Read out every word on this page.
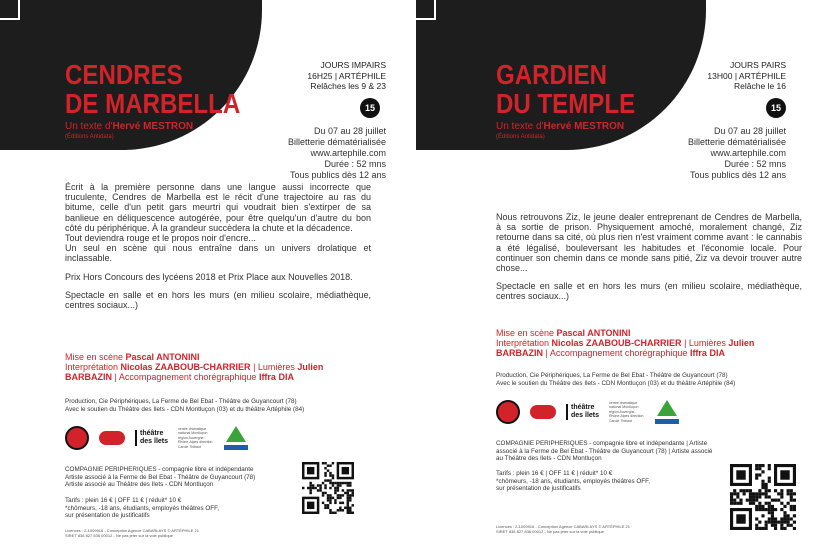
CENDRES
DE MARBELLA
Un texte d'Hervé MESTRON
(Éditions Antidata)
JOURS IMPAIRS
16H25 | ARTÉPHILE
Relâches les 9 & 23
15
Du 07 au 28 juillet
Billetterie dématérialisée
www.artephile.com
Durée : 52 mns
Tous publics dès 12 ans

Écrit à la première personne dans une langue aussi incorrecte que truculente, Cendres de Marbella est le récit d'une trajectoire au ras du bitume, celle d'un petit gars meurtri qui voudrait bien s'extirper de sa banlieue en déliquescence autogérée, pour être quelqu'un d'autre du bon côté du périphérique. À la grandeur succèdera la chute et la décadence.

Tout deviendra rouge et le propos noir d'encre...

Un seul en scène qui nous entraîne dans un univers drolatique et inclassable.

Prix Hors Concours des lycéens 2018 et Prix Place aux Nouvelles 2018.

Spectacle en salle et en hors les murs (en milieu scolaire, médiathèque, centres sociaux...)

Mise en scène Pascal ANTONINI
Interprétation Nicolas ZAABOUB-CHARRIER | Lumières Julien BARBAZIN | Accompagnement chorégraphique Iffra DIA
Production, Cie Périphériques, La Ferme de Bel Ebat - Théâtre de Guyancourt (78)
Avec le soutien du Théâtre des Ilets - CDN Montluçon (03) et du théâtre Artéphile (84)
théâtre
des îlets
centre dramatique national Montluçon région Auvergne-Rhône-Alpes direction Carole Thibaut
COMPAGNIE PERIPHERIQUES - compagnie libre et indépendante
Artiste associé à la Ferme de Bel Ebat - Théâtre de Guyancourt (78)
Artiste associé au Théâtre des Ilets - CDN Montluçon
Tarifs : plein 16 € | OFF 11 € | réduit* 10 €
*chômeurs, -18 ans, étudiants, employés théâtres OFF,
sur présentation de justificatifs
Licences : 2-1009916 - Conception Agence CABARLAYS © ARTÉPHILE 21
SIRET 838 827 836 00012 - Ne pas jeter sur la voie publique
GARDIEN
DU TEMPLE
Un texte d'Hervé MESTRON
(Éditions Antidata)
JOURS PAIRS
13H00 | ARTÉPHILE
Relâche le 16
15
Du 07 au 28 juillet
Billetterie dématérialisée
www.artephile.com
Durée : 52 mns
Tous publics dès 12 ans

Nous retrouvons Ziz, le jeune dealer entreprenant de Cendres de Marbella, à sa sortie de prison. Physiquement amoché, moralement changé, Ziz retourne dans sa cité, où plus rien n'est vraiment comme avant : le cannabis a été légalisé, bouleversant les habitudes et l'économie locale. Pour continuer son chemin dans ce monde sans pitié, Ziz va devoir trouver autre chose...

Spectacle en salle et en hors les murs (en milieu scolaire, médiathèque, centres sociaux...)

Mise en scène Pascal ANTONINI
Interprétation Nicolas ZAABOUB-CHARRIER | Lumières Julien BARBAZIN | Accompagnement chorégraphique Iffra DIA
Production, Cie Périphériques, La Ferme de Bel Ebat - Théâtre de Guyancourt (78)
Avec le soutien du Théâtre des Ilets - CDN Montluçon (03) et du théâtre Artéphile (84)
théâtre
des îlets
centre dramatique national Montluçon région Auvergne-Rhône-Alpes direction Carole Thibaut
COMPAGNIE PERIPHERIQUES - compagnie libre et indépendante | Artiste associé à la Ferme de Bel Ebat - Théâtre de Guyancourt (78) | Artiste associé au Théâtre des Ilets - CDN Montluçon
Tarifs : plein 16 € | OFF 11 € | réduit* 10 €
*chômeurs, -18 ans, étudiants, employés théâtres OFF,
sur présentation de justificatifs
Licences : 2-1009916 - Conception Agence CABARLAYS © ARTÉPHILE 21
SIRET 838 827 836 00012 - Ne pas jeter sur la voie publique
